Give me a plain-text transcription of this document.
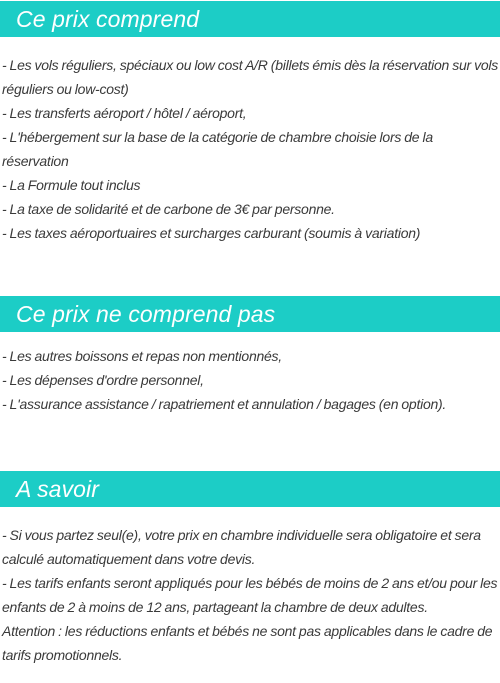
Ce prix comprend
- Les vols réguliers, spéciaux ou low cost A/R (billets émis dès la réservation sur vols réguliers ou low-cost)
- Les transferts aéroport / hôtel / aéroport,
- L'hébergement sur la base de la catégorie de chambre choisie lors de la réservation
- La Formule tout inclus
- La taxe de solidarité et de carbone de 3€ par personne.
- Les taxes aéroportuaires et surcharges carburant (soumis à variation)
Ce prix ne comprend pas
- Les autres boissons et repas non mentionnés,
- Les dépenses d'ordre personnel,
- L'assurance assistance / rapatriement et annulation / bagages (en option).
A savoir
- Si vous partez seul(e), votre prix en chambre individuelle sera obligatoire et sera calculé automatiquement dans votre devis.
- Les tarifs enfants seront appliqués pour les bébés de moins de 2 ans et/ou pour les enfants de 2 à moins de 12 ans, partageant la chambre de deux adultes.
Attention : les réductions enfants et bébés ne sont pas applicables dans le cadre de tarifs promotionnels.
